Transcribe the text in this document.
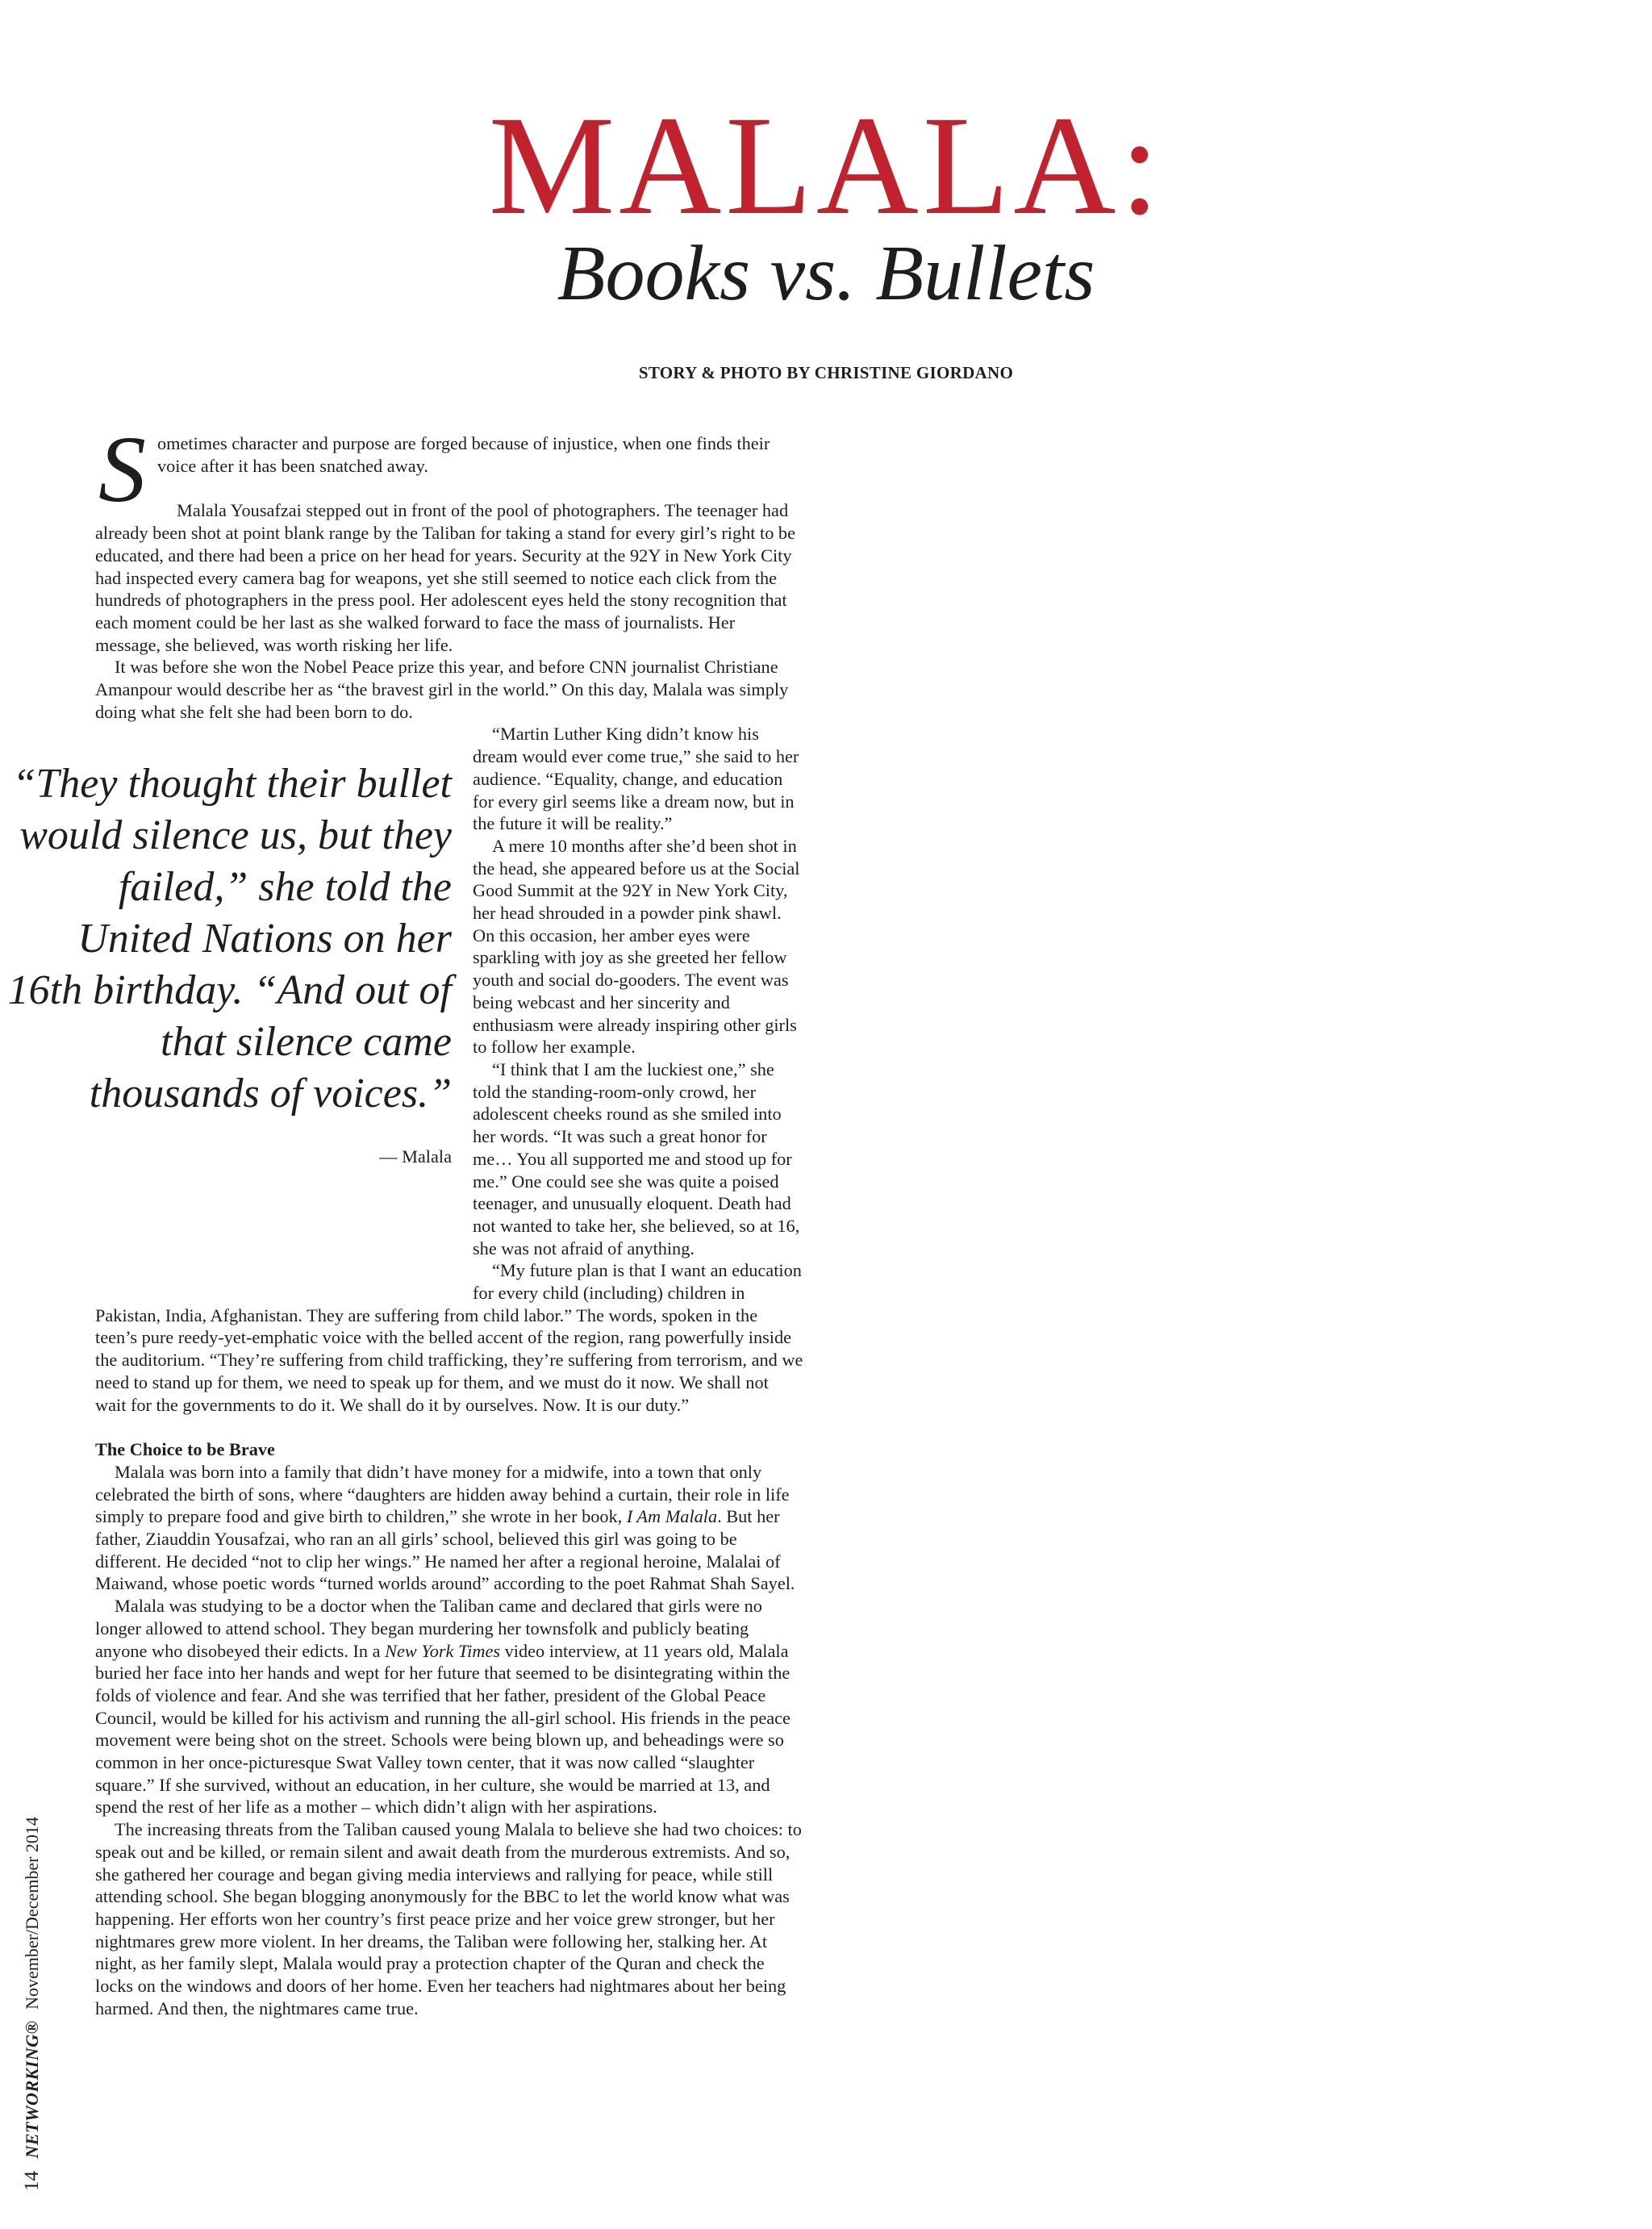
MALALA:
Books vs. Bullets
STORY & PHOTO BY CHRISTINE GIORDANO

Sometimes character and purpose are forged because of injustice, when one finds their voice after it has been snatched away.

Malala Yousafzai stepped out in front of the pool of photographers. The teenager had already been shot at point blank range by the Taliban for taking a stand for every girl’s right to be educated, and there had been a price on her head for years. Security at the 92Y in New York City had inspected every camera bag for weapons, yet she still seemed to notice each click from the hundreds of photographers in the press pool. Her adolescent eyes held the stony recognition that each moment could be her last as she walked forward to face the mass of journalists. Her message, she believed, was worth risking her life.

It was before she won the Nobel Peace prize this year, and before CNN journalist Christiane Amanpour would describe her as “the bravest girl in the world.” On this day, Malala was simply doing what she felt she had been born to do.

“They thought their bullet would silence us, but they failed,” she told the United Nations on her 16th birthday. “And out of that silence came thousands of voices.”
— Malala

“Martin Luther King didn’t know his dream would ever come true,” she said to her audience. “Equality, change, and education for every girl seems like a dream now, but in the future it will be reality.”

A mere 10 months after she’d been shot in the head, she appeared before us at the Social Good Summit at the 92Y in New York City, her head shrouded in a powder pink shawl. On this occasion, her amber eyes were sparkling with joy as she greeted her fellow youth and social do-gooders. The event was being webcast and her sincerity and enthusiasm were already inspiring other girls to follow her example.

“I think that I am the luckiest one,” she told the standing-room-only crowd, her adolescent cheeks round as she smiled into her words. “It was such a great honor for me… You all supported me and stood up for me.” One could see she was quite a poised teenager, and unusually eloquent. Death had not wanted to take her, she believed, so at 16, she was not afraid of anything.

“My future plan is that I want an education for every child (including) children in Pakistan, India, Afghanistan. They are suffering from child labor.” The words, spoken in the teen’s pure reedy-yet-emphatic voice with the belled accent of the region, rang powerfully inside the auditorium. “They’re suffering from child trafficking, they’re suffering from terrorism, and we need to stand up for them, we need to speak up for them, and we must do it now. We shall not wait for the governments to do it. We shall do it by ourselves. Now. It is our duty.”

The Choice to be Brave

Malala was born into a family that didn’t have money for a midwife, into a town that only celebrated the birth of sons, where “daughters are hidden away behind a curtain, their role in life simply to prepare food and give birth to children,” she wrote in her book, I Am Malala. But her father, Ziauddin Yousafzai, who ran an all girls’ school, believed this girl was going to be different. He decided “not to clip her wings.” He named her after a regional heroine, Malalai of Maiwand, whose poetic words “turned worlds around” according to the poet Rahmat Shah Sayel.

Malala was studying to be a doctor when the Taliban came and declared that girls were no longer allowed to attend school. They began murdering her townsfolk and publicly beating anyone who disobeyed their edicts. In a New York Times video interview, at 11 years old, Malala buried her face into her hands and wept for her future that seemed to be disintegrating within the folds of violence and fear. And she was terrified that her father, president of the Global Peace Council, would be killed for his activism and running the all-girl school. His friends in the peace movement were being shot on the street. Schools were being blown up, and beheadings were so common in her once-picturesque Swat Valley town center, that it was now called “slaughter square.” If she survived, without an education, in her culture, she would be married at 13, and spend the rest of her life as a mother – which didn’t align with her aspirations.

The increasing threats from the Taliban caused young Malala to believe she had two choices: to speak out and be killed, or remain silent and await death from the murderous extremists. And so, she gathered her courage and began giving media interviews and rallying for peace, while still attending school. She began blogging anonymously for the BBC to let the world know what was happening. Her efforts won her country’s first peace prize and her voice grew stronger, but her nightmares grew more violent. In her dreams, the Taliban were following her, stalking her. At night, as her family slept, Malala would pray a protection chapter of the Quran and check the locks on the windows and doors of her home. Even her teachers had nightmares about her being harmed. And then, the nightmares came true.

14 NETWORKING® November/December 2014
